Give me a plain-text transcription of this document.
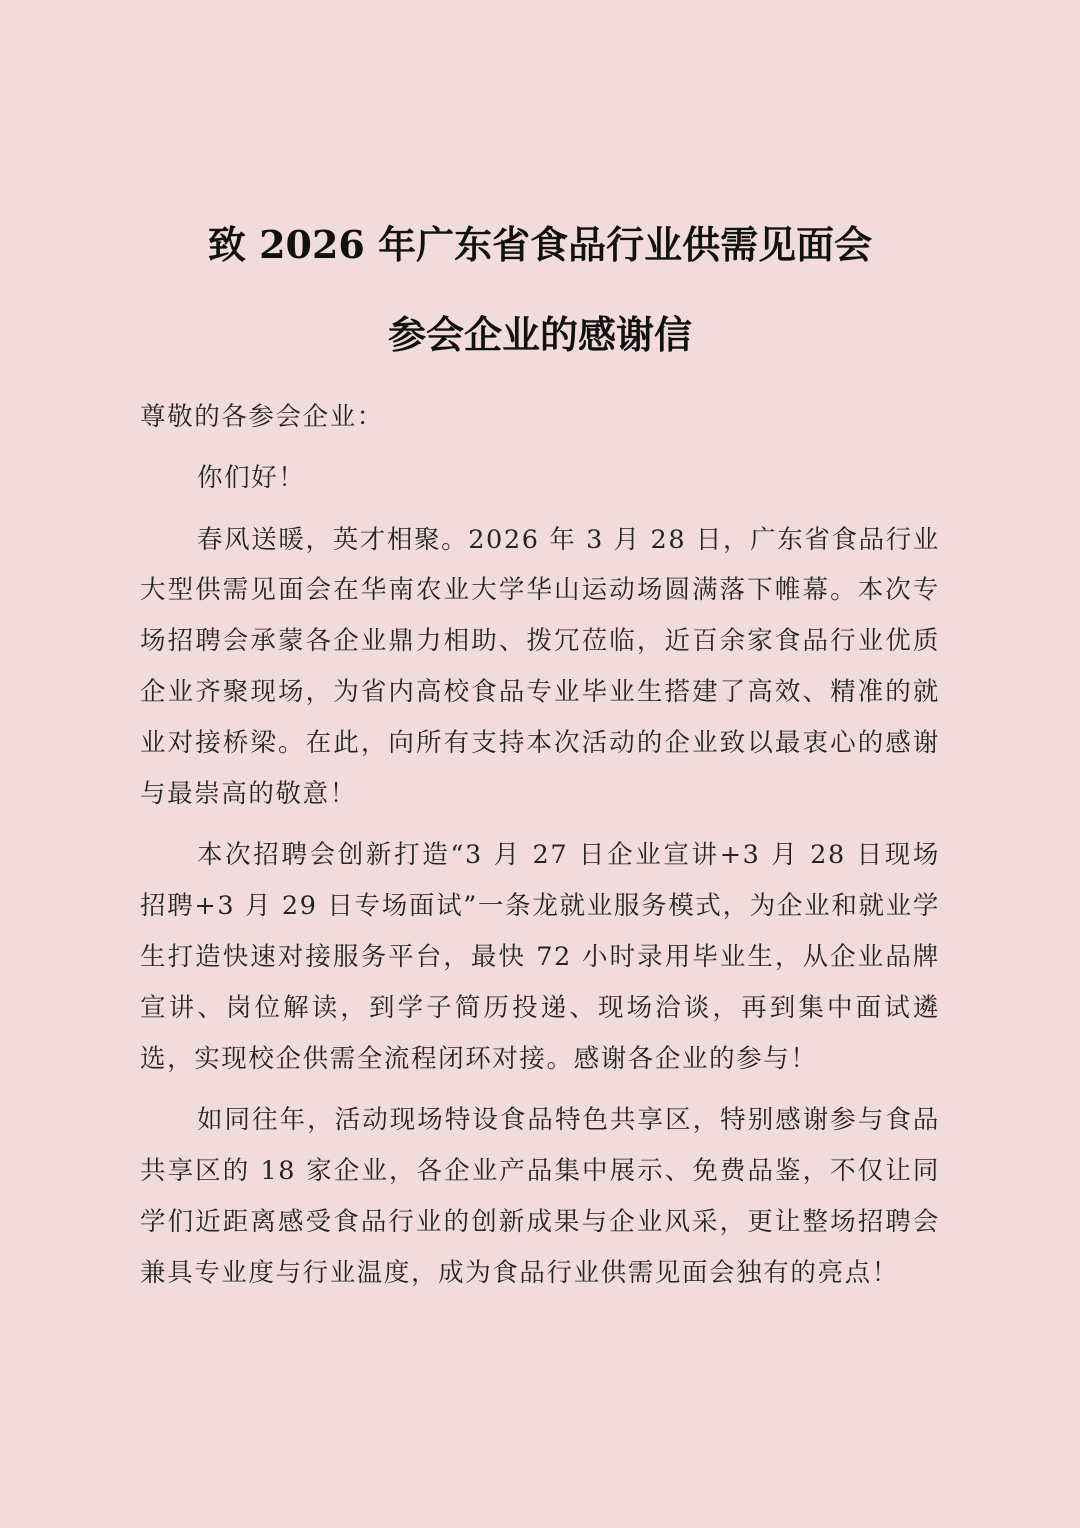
致 2026 年广东省食品行业供需见面会
参会企业的感谢信

尊敬的各参会企业：

你们好！

春风送暖，英才相聚。2026 年 3 月 28 日，广东省食品行业大型供需见面会在华南农业大学华山运动场圆满落下帷幕。本次专场招聘会承蒙各企业鼎力相助、拨冗莅临，近百余家食品行业优质企业齐聚现场，为省内高校食品专业毕业生搭建了高效、精准的就业对接桥梁。在此，向所有支持本次活动的企业致以最衷心的感谢与最崇高的敬意！

本次招聘会创新打造“3 月 27 日企业宣讲+3 月 28 日现场招聘+3 月 29 日专场面试”一条龙就业服务模式，为企业和就业学生打造快速对接服务平台，最快 72 小时录用毕业生，从企业品牌宣讲、岗位解读，到学子简历投递、现场洽谈，再到集中面试遴选，实现校企供需全流程闭环对接。感谢各企业的参与！

如同往年，活动现场特设食品特色共享区，特别感谢参与食品共享区的 18 家企业，各企业产品集中展示、免费品鉴，不仅让同学们近距离感受食品行业的创新成果与企业风采，更让整场招聘会兼具专业度与行业温度，成为食品行业供需见面会独有的亮点！
